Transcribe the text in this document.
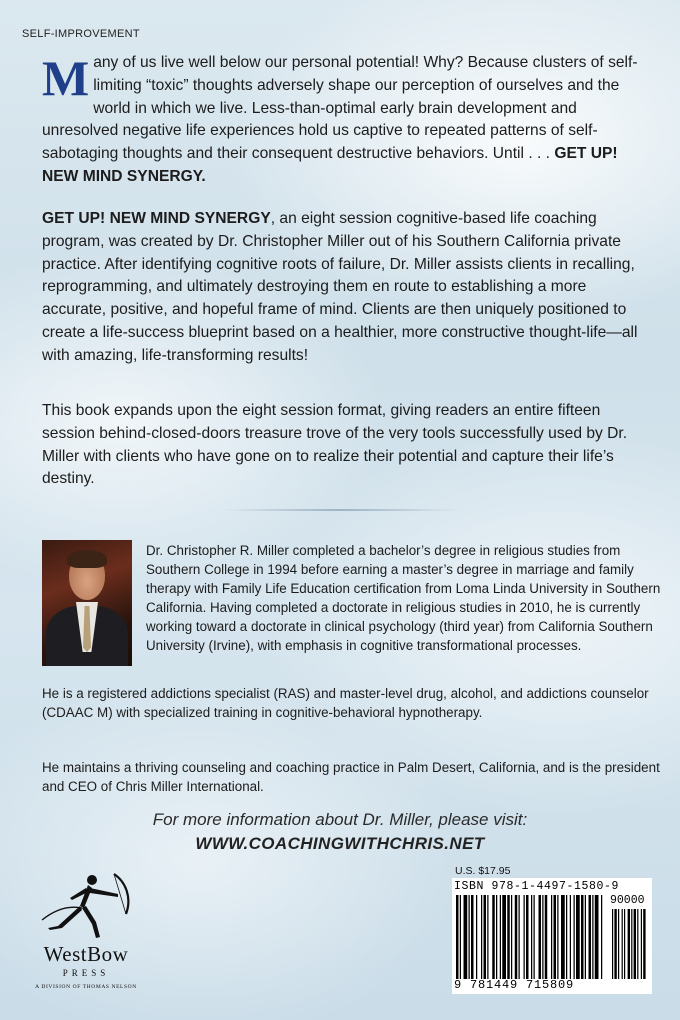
SELF-IMPROVEMENT
Many of us live well below our personal potential! Why? Because clusters of self-limiting “toxic” thoughts adversely shape our perception of ourselves and the world in which we live. Less-than-optimal early brain development and unresolved negative life experiences hold us captive to repeated patterns of self-sabotaging thoughts and their consequent destructive behaviors. Until . . . GET UP! NEW MIND SYNERGY.
GET UP! NEW MIND SYNERGY, an eight session cognitive-based life coaching program, was created by Dr. Christopher Miller out of his Southern California private practice. After identifying cognitive roots of failure, Dr. Miller assists clients in recalling, reprogramming, and ultimately destroying them en route to establishing a more accurate, positive, and hopeful frame of mind. Clients are then uniquely positioned to create a life-success blueprint based on a healthier, more constructive thought-life—all with amazing, life-transforming results!
This book expands upon the eight session format, giving readers an entire fifteen session behind-closed-doors treasure trove of the very tools successfully used by Dr. Miller with clients who have gone on to realize their potential and capture their life’s destiny.
Dr. Christopher R. Miller completed a bachelor’s degree in religious studies from Southern College in 1994 before earning a master’s degree in marriage and family therapy with Family Life Education certification from Loma Linda University in Southern California. Having completed a doctorate in religious studies in 2010, he is currently working toward a doctorate in clinical psychology (third year) from California Southern University (Irvine), with emphasis in cognitive transformational processes.
He is a registered addictions specialist (RAS) and master-level drug, alcohol, and addictions counselor (CDAAC M) with specialized training in cognitive-behavioral hypnotherapy.
He maintains a thriving counseling and coaching practice in Palm Desert, California, and is the president and CEO of Chris Miller International.
For more information about Dr. Miller, please visit:
WWW.COACHINGWITHCHRIS.NET
WestBow
PRESS
A DIVISION OF THOMAS NELSON
U.S. $17.95
ISBN 978-1-4497-1580-9
90000
9 781449 715809
